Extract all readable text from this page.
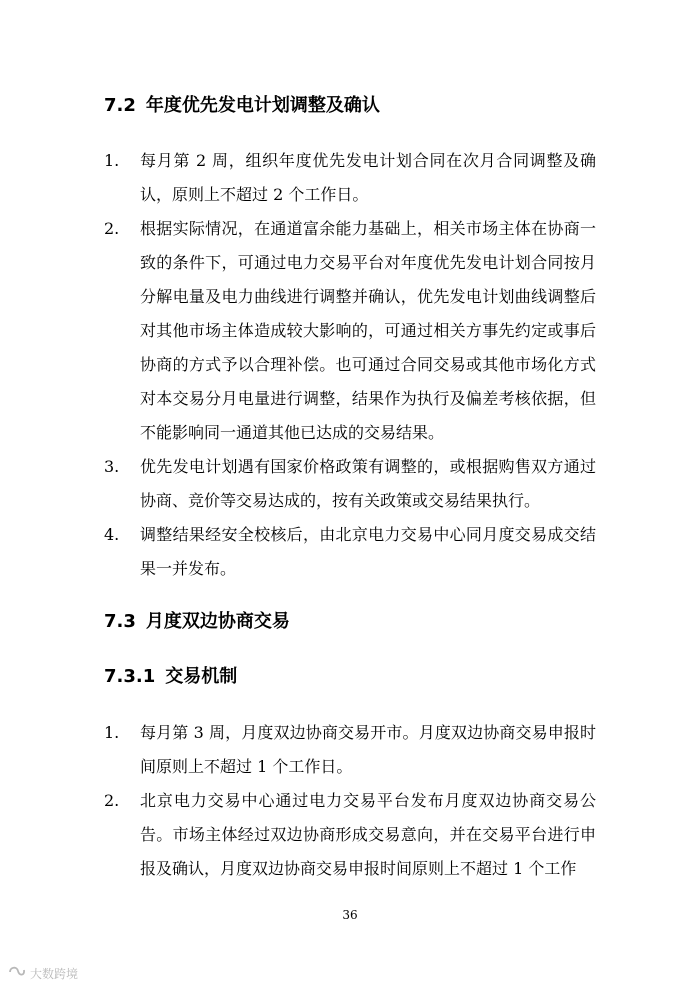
7.2 年度优先发电计划调整及确认
1.	每月第 2 周，组织年度优先发电计划合同在次月合同调整及确认，原则上不超过 2 个工作日。
2.	根据实际情况，在通道富余能力基础上，相关市场主体在协商一致的条件下，可通过电力交易平台对年度优先发电计划合同按月分解电量及电力曲线进行调整并确认，优先发电计划曲线调整后对其他市场主体造成较大影响的，可通过相关方事先约定或事后协商的方式予以合理补偿。也可通过合同交易或其他市场化方式对本交易分月电量进行调整，结果作为执行及偏差考核依据，但不能影响同一通道其他已达成的交易结果。
3.	优先发电计划遇有国家价格政策有调整的，或根据购售双方通过协商、竞价等交易达成的，按有关政策或交易结果执行。
4.	调整结果经安全校核后，由北京电力交易中心同月度交易成交结果一并发布。
7.3 月度双边协商交易
7.3.1 交易机制
1.	每月第 3 周，月度双边协商交易开市。月度双边协商交易申报时间原则上不超过 1 个工作日。
2.	北京电力交易中心通过电力交易平台发布月度双边协商交易公告。市场主体经过双边协商形成交易意向，并在交易平台进行申报及确认，月度双边协商交易申报时间原则上不超过 1 个工作
36
大数跨境
